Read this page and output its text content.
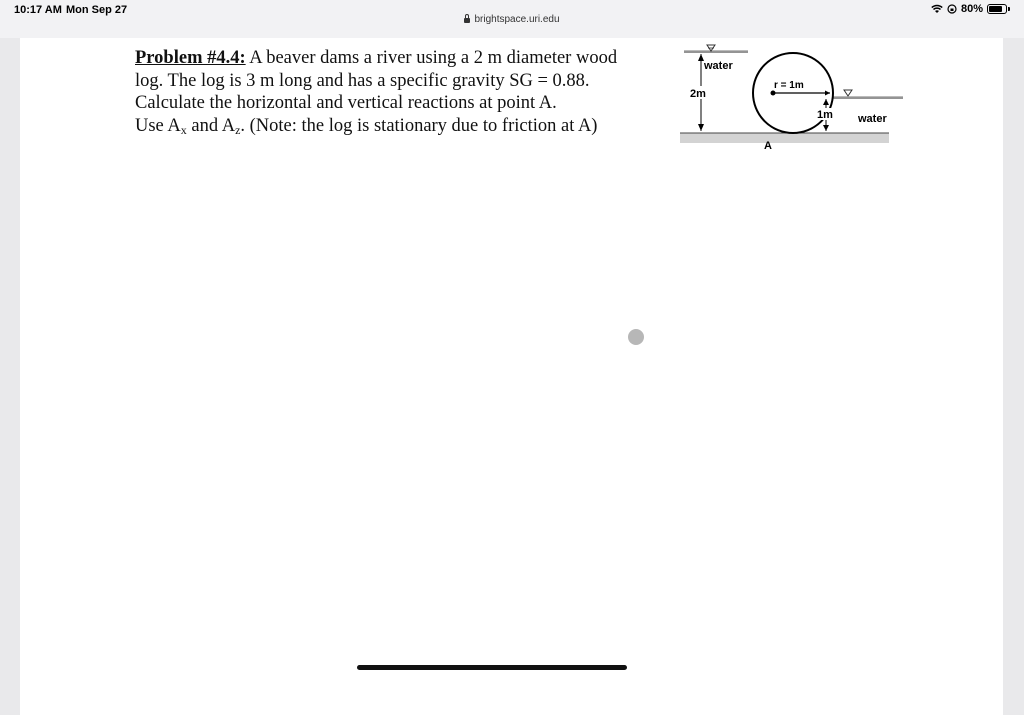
10:17 AM Mon Sep 27	80%
brightspace.uri.edu
Problem #4.4: A beaver dams a river using a 2 m diameter wood
log. The log is 3 m long and has a specific gravity SG = 0.88.
Calculate the horizontal and vertical reactions at point A.
Use $A_x$ and $A_z$. (Note: the log is stationary due to friction at A)
r = 1m
2m
water
1m water
A
